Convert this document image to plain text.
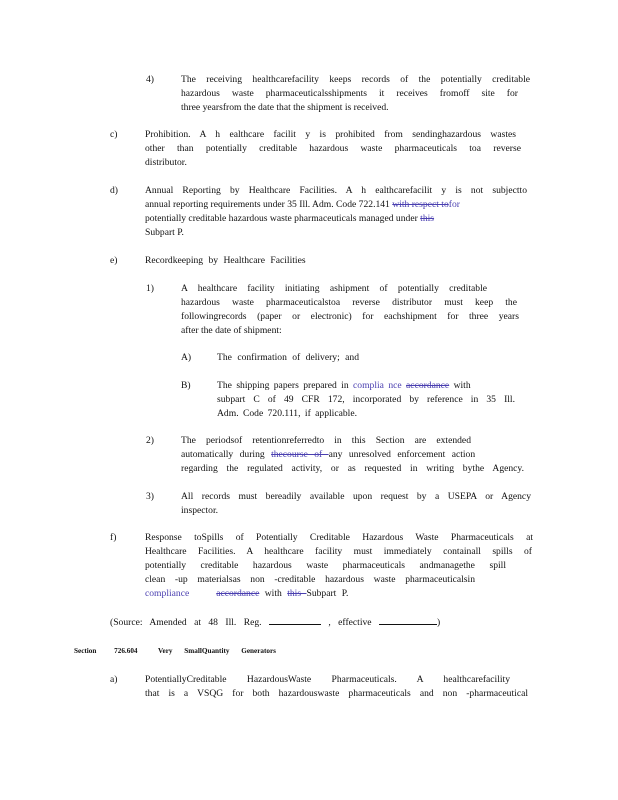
4)	The receiving healthcarefacility keeps records of the potentially creditable
hazardous waste pharmaceuticalsshipments it receives fromoff site for
three yearsfrom the date that the shipment is received.
c)	Prohibition. A h ealthcare facilit y is prohibited from sendinghazardous wastes
other than potentially creditable hazardous waste pharmaceuticals toa reverse
distributor.
d)	Annual Reporting by Healthcare Facilities. A h ealthcarefacilit y is not subjectto
annual reporting requirements under 35 Ill. Adm. Code 722.141 with respect tofor
potentially creditable hazardous waste pharmaceuticals managed under this
Subpart P.
e)	Recordkeeping by Healthcare Facilities
1)	A healthcare facility initiating ashipment of potentially creditable
hazardous waste pharmaceuticalstoa reverse distributor must keep the
followingrecords (paper or electronic) for eachshipment for three years
after the date of shipment:
A)	The confirmation of delivery; and
B)	The shipping papers prepared in complia nce accordance with
subpart C of 49 CFR 172, incorporated by reference in 35 Ill.
Adm. Code 720.111, if applicable.
2)	The periodsof retentionreferredto in this Section are extended
automatically during thecourse of any unresolved enforcement action
regarding the regulated activity, or as requested in writing bythe Agency.
3)	All records must bereadily available upon request by a USEPA or Agency
inspector.
f)	Response toSpills of Potentially Creditable Hazardous Waste Pharmaceuticals at
Healthcare Facilities. A healthcare facility must immediately containall spills of
potentially creditable hazardous waste pharmaceuticals andmanagethe spill
clean -up materialsas non -creditable hazardous waste pharmaceuticalsin
compliance	accordance with this Subpart P.
(Source: Amended at 48 Ill. Reg.	, effective	)
Section 726.604	Very SmallQuantity Generators
a)	PotentiallyCreditable HazardousWaste Pharmaceuticals. A healthcarefacility
that is a VSQG for both hazardouswaste pharmaceuticals and non -pharmaceutical
